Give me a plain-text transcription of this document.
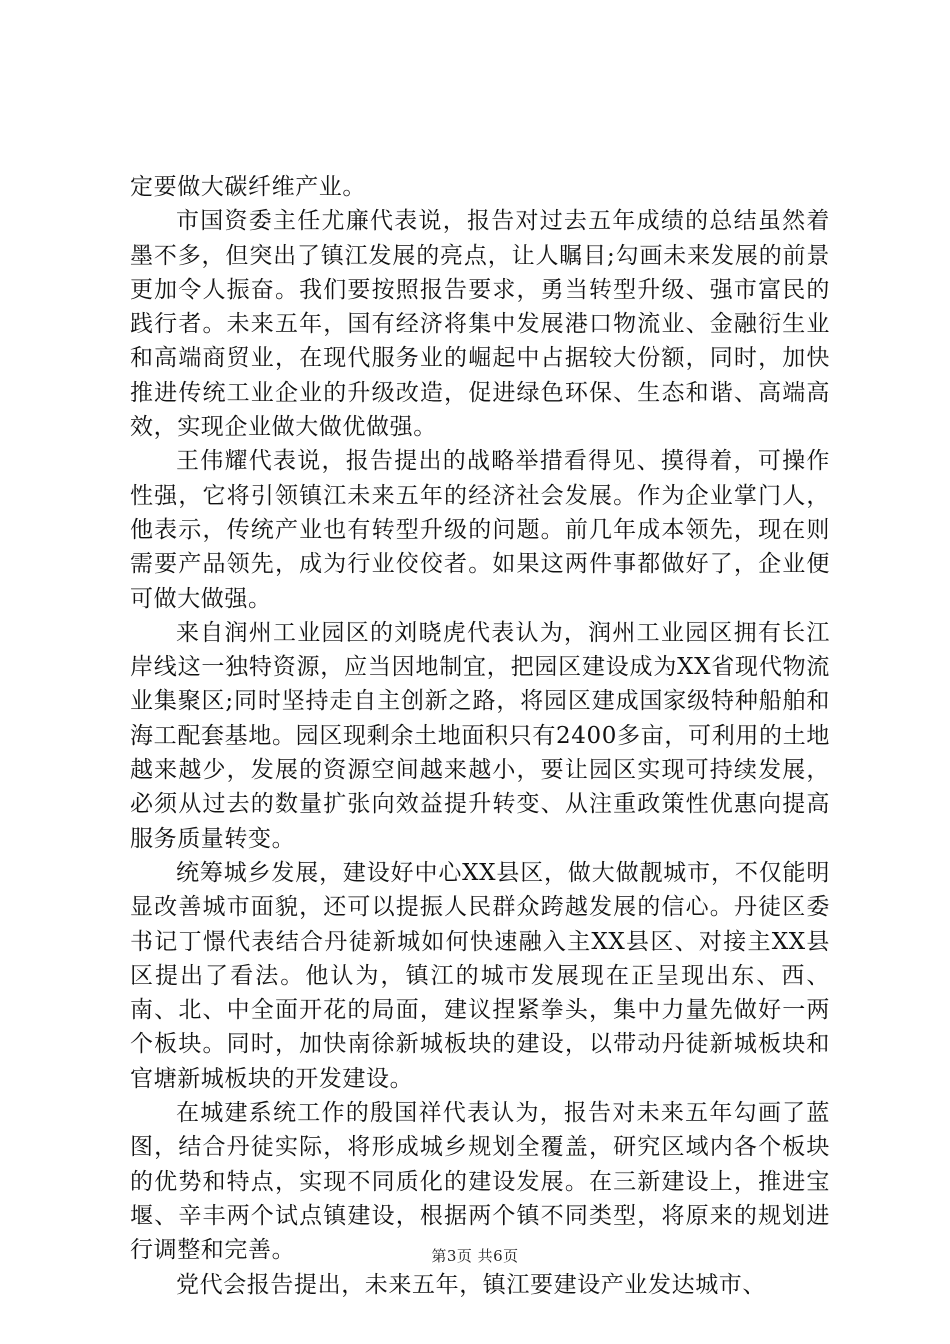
定要做大碳纤维产业。

市国资委主任尤廉代表说，报告对过去五年成绩的总结虽然着墨不多，但突出了镇江发展的亮点，让人瞩目;勾画未来发展的前景更加令人振奋。我们要按照报告要求，勇当转型升级、强市富民的践行者。未来五年，国有经济将集中发展港口物流业、金融衍生业和高端商贸业，在现代服务业的崛起中占据较大份额，同时，加快推进传统工业企业的升级改造，促进绿色环保、生态和谐、高端高效，实现企业做大做优做强。

王伟耀代表说，报告提出的战略举措看得见、摸得着，可操作性强，它将引领镇江未来五年的经济社会发展。作为企业掌门人，他表示，传统产业也有转型升级的问题。前几年成本领先，现在则需要产品领先，成为行业佼佼者。如果这两件事都做好了，企业便可做大做强。

来自润州工业园区的刘晓虎代表认为，润州工业园区拥有长江岸线这一独特资源，应当因地制宜，把园区建设成为XX省现代物流业集聚区;同时坚持走自主创新之路，将园区建成国家级特种船舶和海工配套基地。园区现剩余土地面积只有2400多亩，可利用的土地越来越少，发展的资源空间越来越小，要让园区实现可持续发展，必须从过去的数量扩张向效益提升转变、从注重政策性优惠向提高服务质量转变。

统筹城乡发展，建设好中心XX县区，做大做靓城市，不仅能明显改善城市面貌，还可以提振人民群众跨越发展的信心。丹徒区委书记丁憬代表结合丹徒新城如何快速融入主XX县区、对接主XX县区提出了看法。他认为，镇江的城市发展现在正呈现出东、西、南、北、中全面开花的局面，建议捏紧拳头，集中力量先做好一两个板块。同时，加快南徐新城板块的建设，以带动丹徒新城板块和官塘新城板块的开发建设。

在城建系统工作的殷国祥代表认为，报告对未来五年勾画了蓝图，结合丹徒实际，将形成城乡规划全覆盖，研究区域内各个板块的优势和特点，实现不同质化的建设发展。在三新建设上，推进宝堰、辛丰两个试点镇建设，根据两个镇不同类型，将原来的规划进行调整和完善。

党代会报告提出，未来五年，镇江要建设产业发达城市、

第3页 共6页
